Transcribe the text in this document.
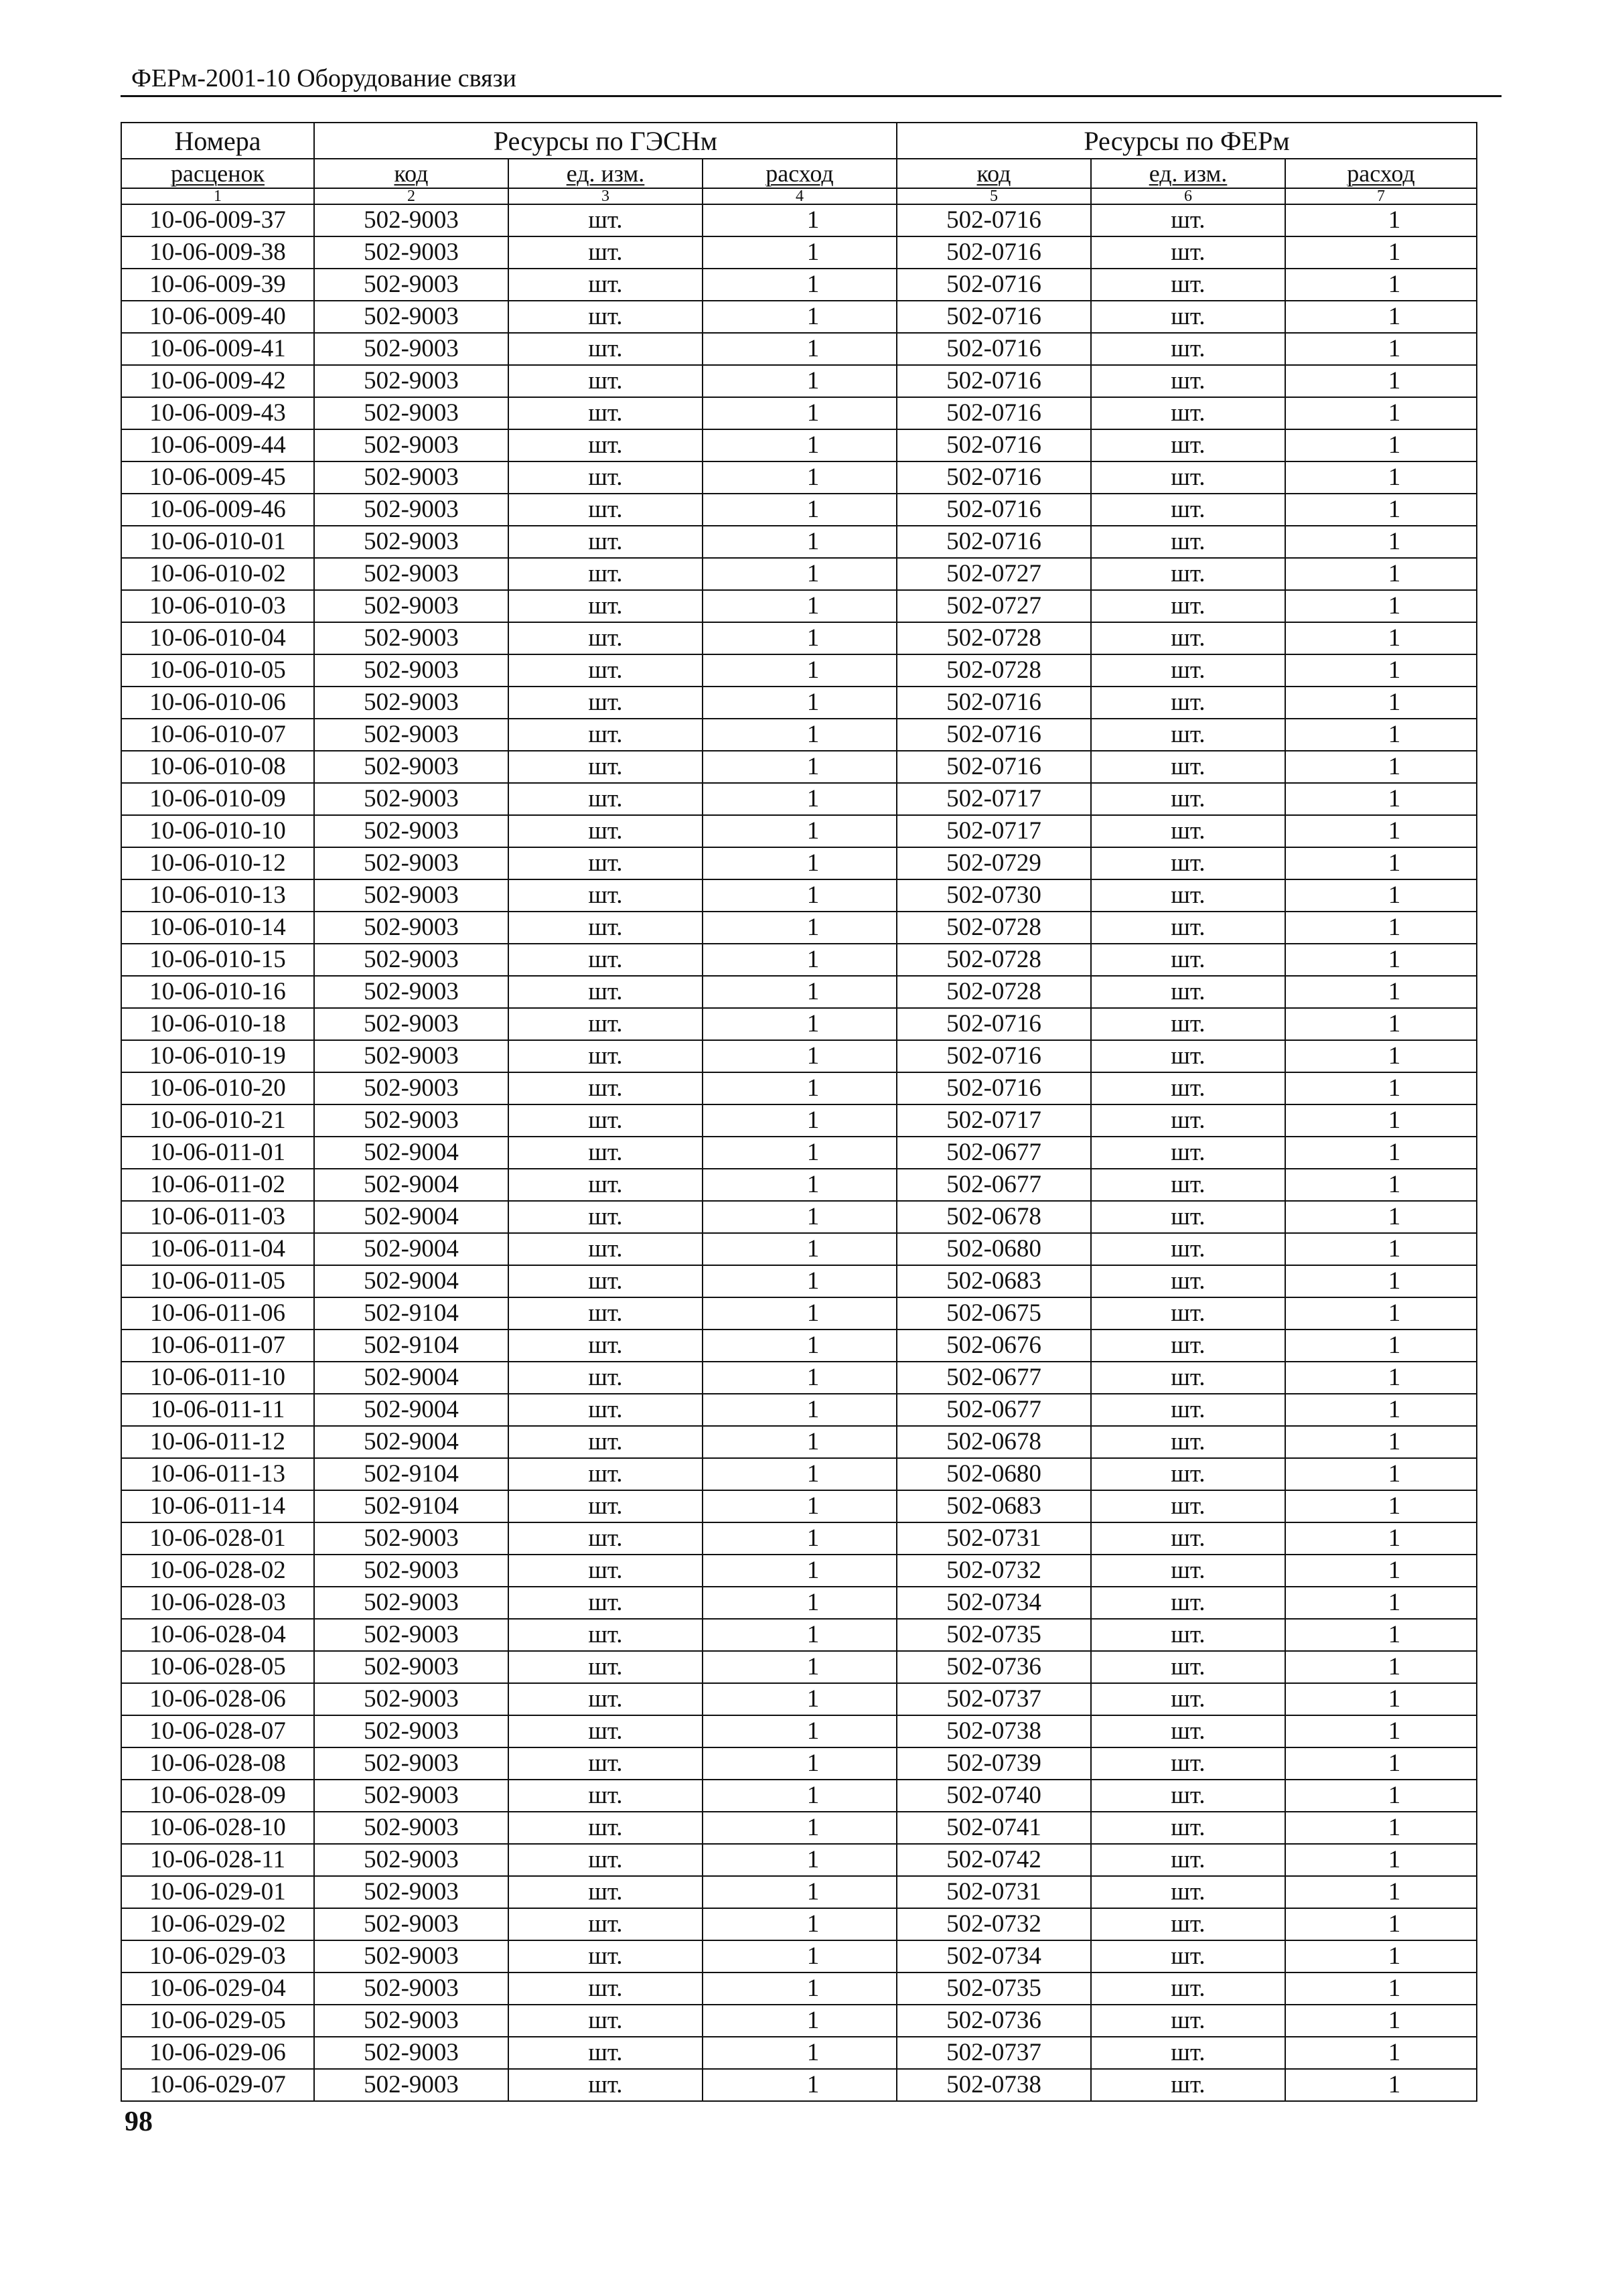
ФЕРм-2001-10 Оборудование связи
Номера	Ресурсы по ГЭСНм			Ресурсы по ФЕРм		
расценок	код	ед. изм.	расход	код	ед. изм.	расход
1	2	3	4	5	6	7
10-06-009-37	502-9003	шт.	1	502-0716	шт.	1
10-06-009-38	502-9003	шт.	1	502-0716	шт.	1
10-06-009-39	502-9003	шт.	1	502-0716	шт.	1
10-06-009-40	502-9003	шт.	1	502-0716	шт.	1
10-06-009-41	502-9003	шт.	1	502-0716	шт.	1
10-06-009-42	502-9003	шт.	1	502-0716	шт.	1
10-06-009-43	502-9003	шт.	1	502-0716	шт.	1
10-06-009-44	502-9003	шт.	1	502-0716	шт.	1
10-06-009-45	502-9003	шт.	1	502-0716	шт.	1
10-06-009-46	502-9003	шт.	1	502-0716	шт.	1
10-06-010-01	502-9003	шт.	1	502-0716	шт.	1
10-06-010-02	502-9003	шт.	1	502-0727	шт.	1
10-06-010-03	502-9003	шт.	1	502-0727	шт.	1
10-06-010-04	502-9003	шт.	1	502-0728	шт.	1
10-06-010-05	502-9003	шт.	1	502-0728	шт.	1
10-06-010-06	502-9003	шт.	1	502-0716	шт.	1
10-06-010-07	502-9003	шт.	1	502-0716	шт.	1
10-06-010-08	502-9003	шт.	1	502-0716	шт.	1
10-06-010-09	502-9003	шт.	1	502-0717	шт.	1
10-06-010-10	502-9003	шт.	1	502-0717	шт.	1
10-06-010-12	502-9003	шт.	1	502-0729	шт.	1
10-06-010-13	502-9003	шт.	1	502-0730	шт.	1
10-06-010-14	502-9003	шт.	1	502-0728	шт.	1
10-06-010-15	502-9003	шт.	1	502-0728	шт.	1
10-06-010-16	502-9003	шт.	1	502-0728	шт.	1
10-06-010-18	502-9003	шт.	1	502-0716	шт.	1
10-06-010-19	502-9003	шт.	1	502-0716	шт.	1
10-06-010-20	502-9003	шт.	1	502-0716	шт.	1
10-06-010-21	502-9003	шт.	1	502-0717	шт.	1
10-06-011-01	502-9004	шт.	1	502-0677	шт.	1
10-06-011-02	502-9004	шт.	1	502-0677	шт.	1
10-06-011-03	502-9004	шт.	1	502-0678	шт.	1
10-06-011-04	502-9004	шт.	1	502-0680	шт.	1
10-06-011-05	502-9004	шт.	1	502-0683	шт.	1
10-06-011-06	502-9104	шт.	1	502-0675	шт.	1
10-06-011-07	502-9104	шт.	1	502-0676	шт.	1
10-06-011-10	502-9004	шт.	1	502-0677	шт.	1
10-06-011-11	502-9004	шт.	1	502-0677	шт.	1
10-06-011-12	502-9004	шт.	1	502-0678	шт.	1
10-06-011-13	502-9104	шт.	1	502-0680	шт.	1
10-06-011-14	502-9104	шт.	1	502-0683	шт.	1
10-06-028-01	502-9003	шт.	1	502-0731	шт.	1
10-06-028-02	502-9003	шт.	1	502-0732	шт.	1
10-06-028-03	502-9003	шт.	1	502-0734	шт.	1
10-06-028-04	502-9003	шт.	1	502-0735	шт.	1
10-06-028-05	502-9003	шт.	1	502-0736	шт.	1
10-06-028-06	502-9003	шт.	1	502-0737	шт.	1
10-06-028-07	502-9003	шт.	1	502-0738	шт.	1
10-06-028-08	502-9003	шт.	1	502-0739	шт.	1
10-06-028-09	502-9003	шт.	1	502-0740	шт.	1
10-06-028-10	502-9003	шт.	1	502-0741	шт.	1
10-06-028-11	502-9003	шт.	1	502-0742	шт.	1
10-06-029-01	502-9003	шт.	1	502-0731	шт.	1
10-06-029-02	502-9003	шт.	1	502-0732	шт.	1
10-06-029-03	502-9003	шт.	1	502-0734	шт.	1
10-06-029-04	502-9003	шт.	1	502-0735	шт.	1
10-06-029-05	502-9003	шт.	1	502-0736	шт.	1
10-06-029-06	502-9003	шт.	1	502-0737	шт.	1
10-06-029-07	502-9003	шт.	1	502-0738	шт.	1
98
